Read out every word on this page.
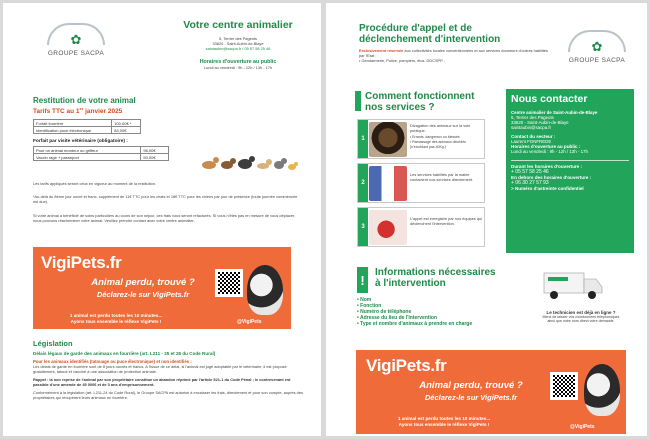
✿
GROUPE SACPA
Votre centre animalier
5, Terrier des Pageots
33820 - Saint-Aubin-de-Blaye
saintaubin@sacpa.fr / 05 57 58 25 46
Horaires d'ouverture au public
Lundi au vendredi : 9h - 12h / 13h - 17h
Restitution de votre animal
Tarifs TTC au 1er janvier 2025
Forfait fourrière	100,00€ *
Identification puce électronique	83,00€
Forfait par visite vétérinaire (obligatoire) :
Pour un animal mordeur ou griffeur	96,00€
Vaccin rage + passeport	50,00€
Les tarifs appliqués seront ceux en vigueur au moment de la restitution.
*Au-delà du 8ème jour ouvré et franc, supplément de 11€ TTC pour les chats et 16€ TTC pour les chiens par jour de présence (toute journée commencée est due).
Si votre animal a bénéficié de soins particuliers au cours de son séjour, ces frais vous seront refacturés. Si vous n'êtes pas en mesure de vous déplacer, nous pouvons réacheminer votre animal. Veuillez prendre contact avec votre centre animalier.
VigiPets.fr
Animal perdu, trouvé ?
Déclarez-le sur VigiPets.fr
1 animal est perdu toutes les 10 minutes...
Ayons tous ensemble le réflexe VigiPets !	@VigiPets
Législation
Délais légaux de garde des animaux en fourrière (art. L211 - 25 et 26 du Code Rural)
Pour les animaux identifiés (tatouage ou puce électronique) et non identifiés :
Les délais de garde en fourrière sont de 8 jours ouvrés et francs. A l'issue de ce délai, si l'animal est jugé adoptable par le vétérinaire, il est proposé gratuitement, tatoué et vacciné à une association de protection animale.
Rappel : la non reprise de l'animal par son propriétaire constitue un abandon réprimé par l'article 521-1 du Code Pénal ; le contrevenant est passible d'une amende de 45 000€ et de 3 ans d'emprisonnement.
Conformément à la législation (art. L211-24 du Code Rural), le Groupe SACPA est autorisé à encaisser les frais, directement et pour son compte, auprès des propriétaires qui récupèrent leurs animaux en fourrière.
Procédure d'appel et de
déclenchement d'intervention
Exclusivement réservée aux collectivités locales conventionnées et aux services donneurs d'ordres habilités par l'Etat :
• Gendarmerie, Police, pompiers, élus, DDCSPP...
✿
GROUPE SACPA
Comment fonctionnent
nos services ?
1
Divagation des animaux sur la voie publique.
• Errants, dangereux ou blessés
• Ramassage des animaux décédés (n'excédant pas 40Kg.)
2
Les services habilités par la mairie contactent nos services directement.
3
L'appel est enregistré par nos équipes qui déclenchent l'intervention.
Nous contacter
Centre animalier de Saint-Aubin-de-Blaye
5, Terrier des Pageots
33820 - Saint-Aubin-de-Blaye
saintaubin@sacpa.fr
Contact du secteur :
Laurent FONFREDE
Horaires d'ouverture au public :
Lundi au vendredi : 9h - 12h / 13h - 17h
Durant les horaires d'ouverture :
+ 05 57 58 25 46
En dehors des horaires d'ouverture :
+ 06 30 27 57 93
> Numéro d'astreinte confidentiel
!	Informations nécessaires
à l'intervention
• Nom
• Fonction
• Numéro de téléphone
• Adresse du lieu de l'intervention
• Type et nombre d'animaux à prendre en charge
Le technicien est déjà en ligne ?
Merci de laisser vos coordonnées téléphoniques ainsi que votre nom direct votre demande.
VigiPets.fr
Animal perdu, trouvé ?
Déclarez-le sur VigiPets.fr
1 animal est perdu toutes les 10 minutes...
Ayons tous ensemble le réflexe VigiPets !	@VigiPets
